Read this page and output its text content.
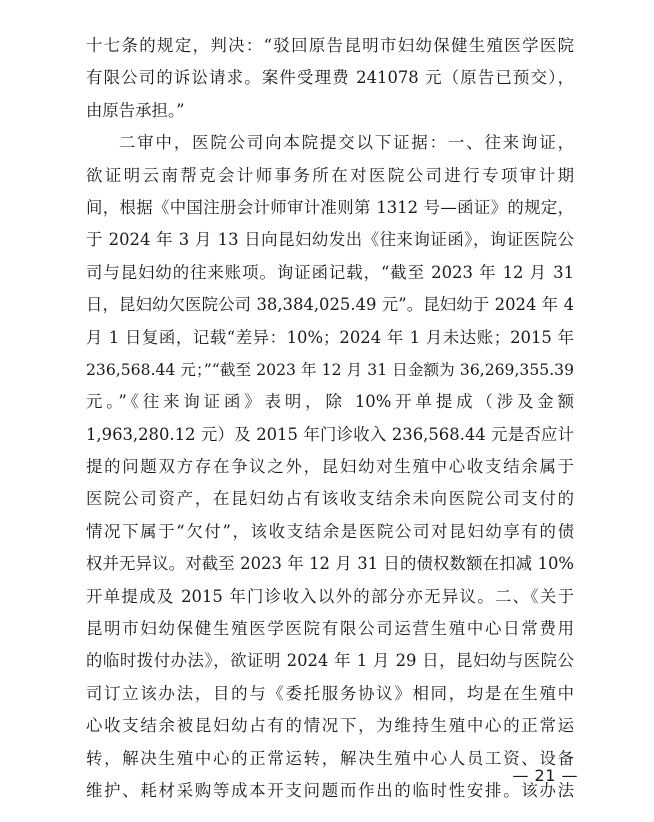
十七条的规定，判决：“驳回原告昆明市妇幼保健生殖医学医院
有限公司的诉讼请求。案件受理费 241078 元（原告已预交），
由原告承担。”
二审中，医院公司向本院提交以下证据：一、往来询证，
欲证明云南帮克会计师事务所在对医院公司进行专项审计期
间，根据《中国注册会计师审计准则第 1312 号—函证》的规定，
于 2024 年 3 月 13 日向昆妇幼发出《往来询证函》，询证医院公
司与昆妇幼的往来账项。询证函记载，“截至 2023 年 12 月 31
日，昆妇幼欠医院公司 38,384,025.49 元”。昆妇幼于 2024 年 4
月 1 日复函，记载“差异：10%；2024 年 1 月未达账；2015 年
236,568.44 元；”“截至 2023 年 12 月 31 日金额为 36,269,355.39
元。”《往来询证函》表明，除 10%开单提成（涉及金额
1,963,280.12 元）及 2015 年门诊收入 236,568.44 元是否应计
提的问题双方存在争议之外，昆妇幼对生殖中心收支结余属于
医院公司资产，在昆妇幼占有该收支结余未向医院公司支付的
情况下属于“欠付”，该收支结余是医院公司对昆妇幼享有的债
权并无异议。对截至 2023 年 12 月 31 日的债权数额在扣减 10%
开单提成及 2015 年门诊收入以外的部分亦无异议。二、《关于
昆明市妇幼保健生殖医学医院有限公司运营生殖中心日常费用
的临时拨付办法》，欲证明 2024 年 1 月 29 日，昆妇幼与医院公
司订立该办法，目的与《委托服务协议》相同，均是在生殖中
心收支结余被昆妇幼占有的情况下，为维持生殖中心的正常运
转，解决生殖中心的正常运转，解决生殖中心人员工资、设备
维护、耗材采购等成本开支问题而作出的临时性安排。该办法
— 21 —
